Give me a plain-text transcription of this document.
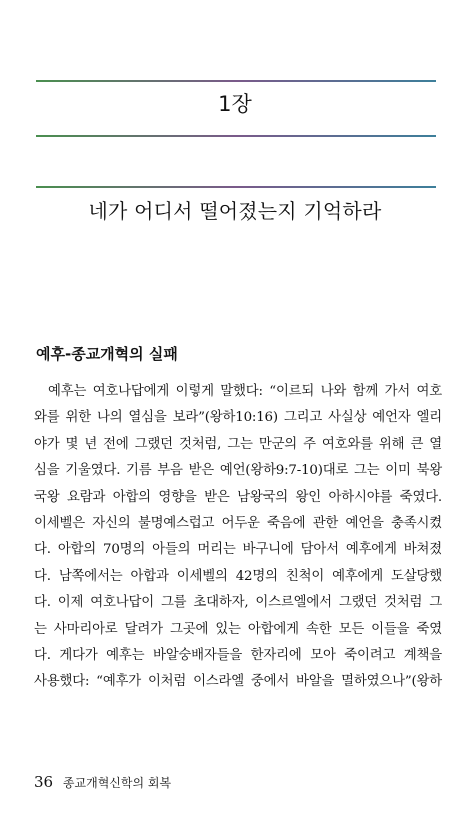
1장
네가 어디서 떨어졌는지 기억하라
예후-종교개혁의 실패
예후는 여호나답에게 이렇게 말했다: “이르되 나와 함께 가서 여호
와를 위한 나의 열심을 보라”(왕하10:16) 그리고 사실상 예언자 엘리
야가 몇 년 전에 그랬던 것처럼, 그는 만군의 주 여호와를 위해 큰 열
심을 기울였다. 기름 부음 받은 예언(왕하9:7-10)대로 그는 이미 북왕
국왕 요람과 아합의 영향을 받은 남왕국의 왕인 아하시야를 죽였다.
이세벨은 자신의 불명예스럽고 어두운 죽음에 관한 예언을 충족시켰
다. 아합의 70명의 아들의 머리는 바구니에 담아서 예후에게 바쳐졌
다. 남쪽에서는 아합과 이세벨의 42명의 친척이 예후에게 도살당했
다. 이제 여호나답이 그를 초대하자, 이스르엘에서 그랬던 것처럼 그
는 사마리아로 달려가 그곳에 있는 아합에게 속한 모든 이들을 죽였
다. 게다가 예후는 바알숭배자들을 한자리에 모아 죽이려고 계책을
사용했다: “예후가 이처럼 이스라엘 중에서 바알을 멸하였으나”(왕하
36 종교개혁신학의 회복
